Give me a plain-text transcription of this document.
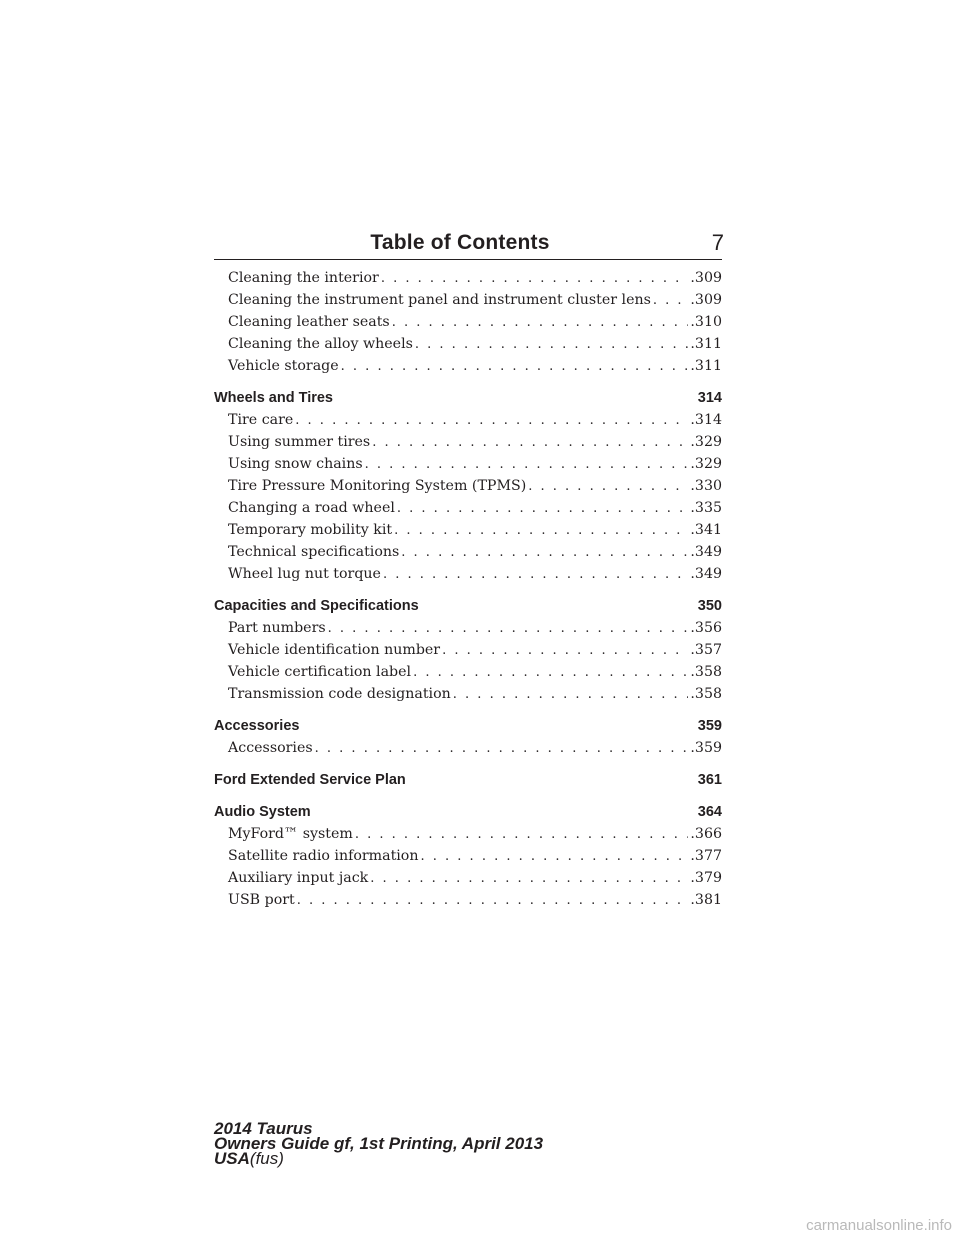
Table of Contents	7
Cleaning the interior . . .	.309
Cleaning the instrument panel and instrument cluster lens . . .	.309
Cleaning leather seats . . .	.310
Cleaning the alloy wheels . . .	.311
Vehicle storage . . .	.311
Wheels and Tires	314
Tire care . . .	.314
Using summer tires . . .	.329
Using snow chains . . .	.329
Tire Pressure Monitoring System (TPMS) . . .	.330
Changing a road wheel . . .	.335
Temporary mobility kit . . .	.341
Technical specifications . . .	.349
Wheel lug nut torque . . .	.349
Capacities and Specifications	350
Part numbers . . .	.356
Vehicle identification number . . .	.357
Vehicle certification label . . .	.358
Transmission code designation . . .	.358
Accessories	359
Accessories . . .	.359
Ford Extended Service Plan	361
Audio System	364
MyFord™ system . . .	.366
Satellite radio information . . .	.377
Auxiliary input jack . . .	.379
USB port . . .	.381
2014 Taurus
Owners Guide gf, 1st Printing, April 2013
USA(fus)
carmanualsonline.info
